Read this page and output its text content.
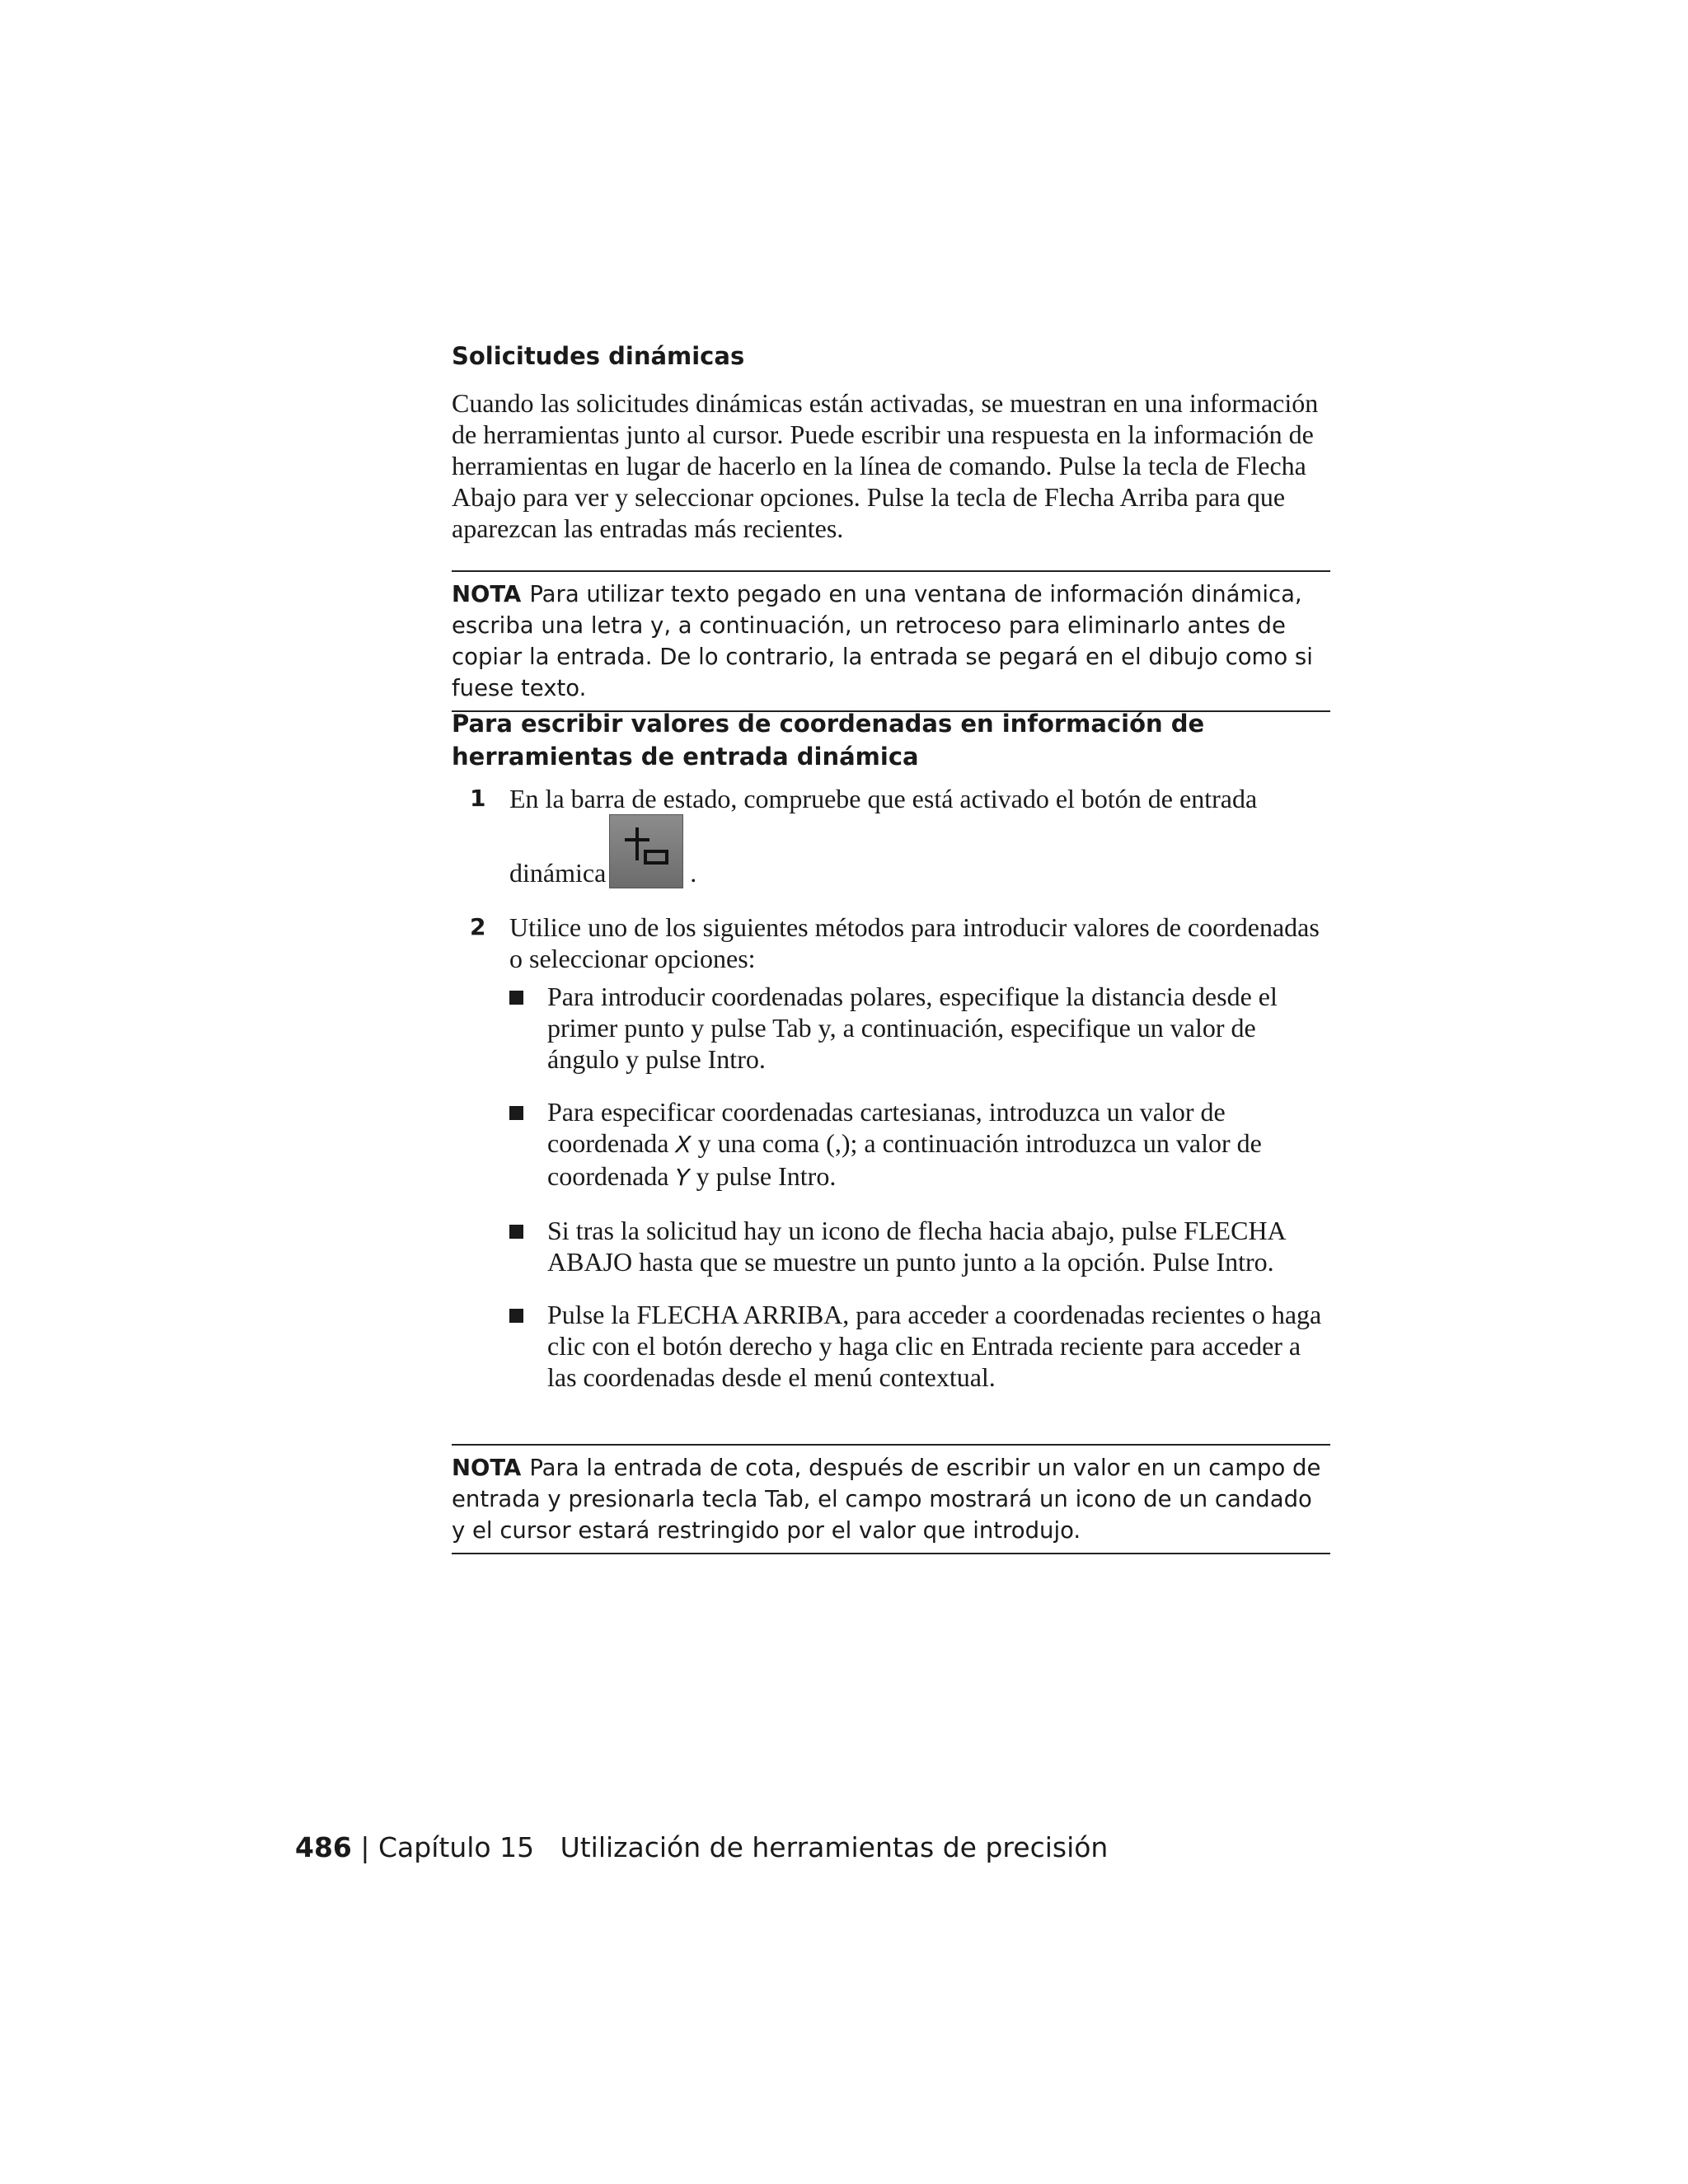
Solicitudes dinámicas

Cuando las solicitudes dinámicas están activadas, se muestran en una información de herramientas junto al cursor. Puede escribir una respuesta en la información de herramientas en lugar de hacerlo en la línea de comando. Pulse la tecla de Flecha Abajo para ver y seleccionar opciones. Pulse la tecla de Flecha Arriba para que aparezcan las entradas más recientes.

NOTA Para utilizar texto pegado en una ventana de información dinámica, escriba una letra y, a continuación, un retroceso para eliminarlo antes de copiar la entrada. De lo contrario, la entrada se pegará en el dibujo como si fuese texto.
Para escribir valores de coordenadas en información de herramientas de entrada dinámica
1 En la barra de estado, compruebe que está activado el botón de entrada dinámica	.
2 Utilice uno de los siguientes métodos para introducir valores de coordenadas o seleccionar opciones:
Para introducir coordenadas polares, especifique la distancia desde el primer punto y pulse Tab y, a continuación, especifique un valor de ángulo y pulse Intro.
Para especificar coordenadas cartesianas, introduzca un valor de coordenada X y una coma (,); a continuación introduzca un valor de coordenada Y y pulse Intro.
Si tras la solicitud hay un icono de flecha hacia abajo, pulse FLECHA ABAJO hasta que se muestre un punto junto a la opción. Pulse Intro.
Pulse la FLECHA ARRIBA, para acceder a coordenadas recientes o haga clic con el botón derecho y haga clic en Entrada reciente para acceder a las coordenadas desde el menú contextual.
NOTA Para la entrada de cota, después de escribir un valor en un campo de entrada y presionarla tecla Tab, el campo mostrará un icono de un candado y el cursor estará restringido por el valor que introdujo.
486 | Capítulo 15 Utilización de herramientas de precisión
